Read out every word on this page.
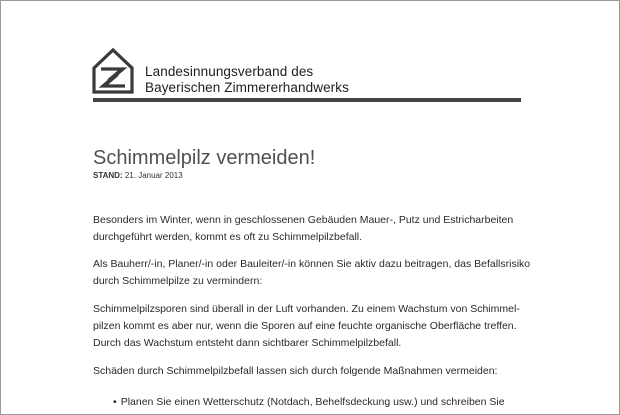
Landesinnungsverband des
Bayerischen Zimmererhandwerks
Schimmelpilz vermeiden!
STAND: 21. Januar 2013
Besonders im Winter, wenn in geschlossenen Gebäuden Mauer-, Putz und Estricharbeiten
durchgeführt werden, kommt es oft zu Schimmelpilzbefall.
Als Bauherr/-in, Planer/-in oder Bauleiter/-in können Sie aktiv dazu beitragen, das Befallsrisiko
durch Schimmelpilze zu vermindern:
Schimmelpilzsporen sind überall in der Luft vorhanden. Zu einem Wachstum von Schimmel-
pilzen kommt es aber nur, wenn die Sporen auf eine feuchte organische Oberfläche treffen.
Durch das Wachstum entsteht dann sichtbarer Schimmelpilzbefall.
Schäden durch Schimmelpilzbefall lassen sich durch folgende Maßnahmen vermeiden:
• Planen Sie einen Wetterschutz (Notdach, Behelfsdeckung usw.) und schreiben Sie
